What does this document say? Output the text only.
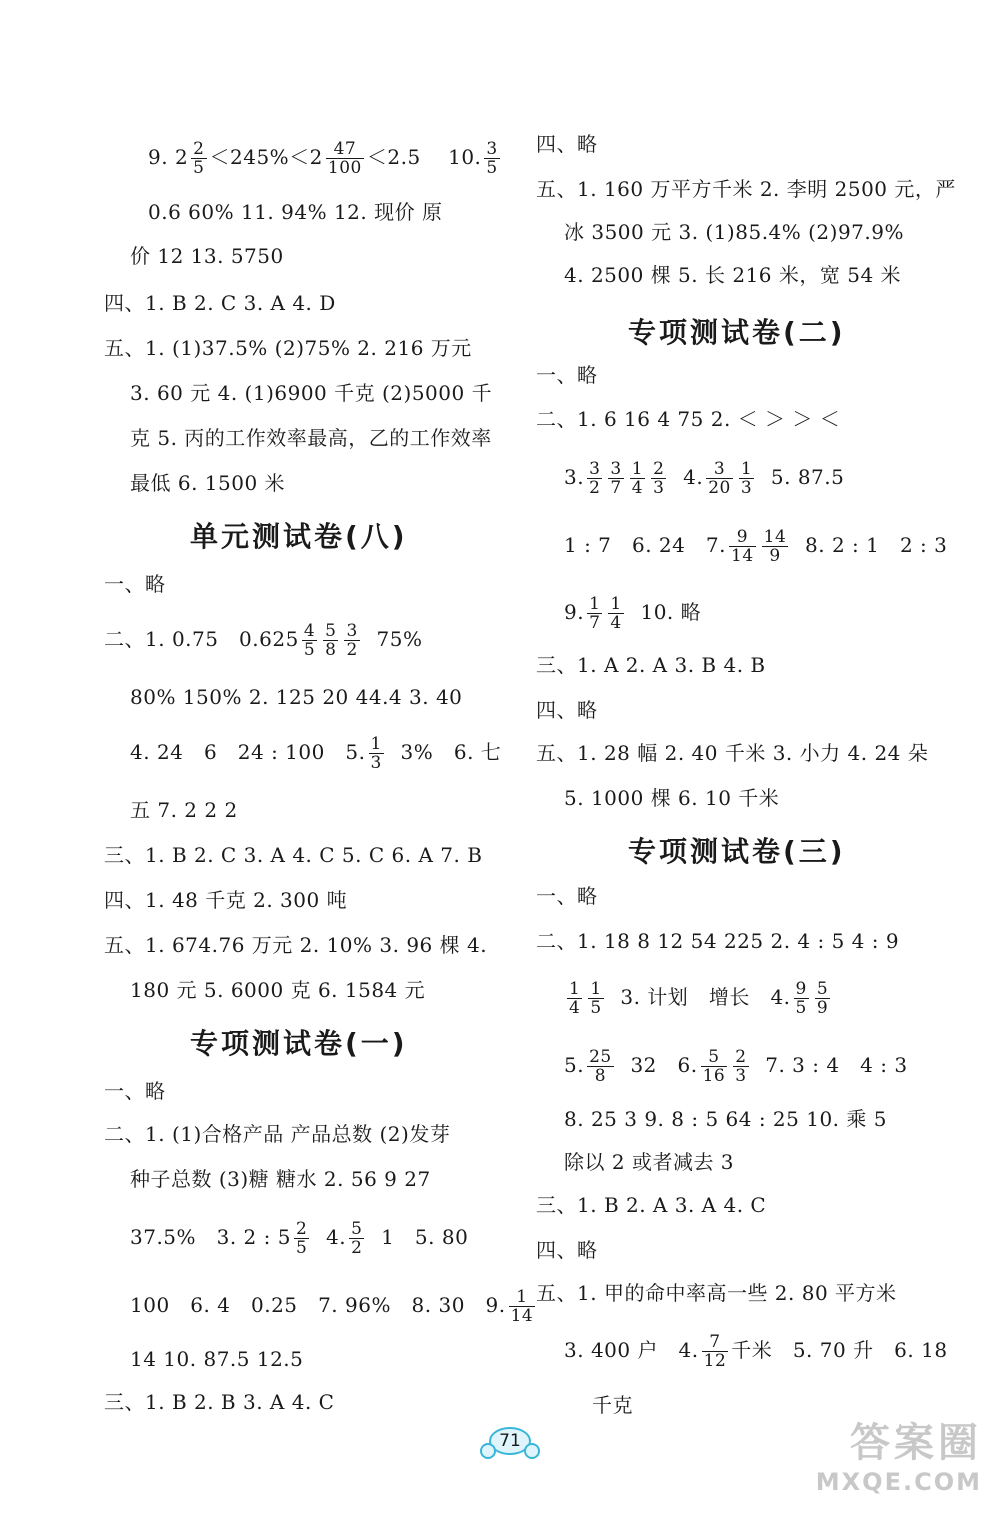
9. $2 \frac{2}{5} <245\%<2 \frac{47}{100} <2.5$    10. $\frac{3}{5}$
0.6 60% 11. 94% 12. 现价 原
价 12 13. 5750
四、1. B 2. C 3. A 4. D
五、1. (1)37.5% (2)75% 2. 216 万元
3. 60 元 4. (1)6900 千克 (2)5000 千
克 5. 丙的工作效率最高，乙的工作效率
最低 6. 1500 米
单元测试卷(八)
一、略
二、1. 0.75   $0.625 \frac{4}{5} \frac{5}{8} \frac{3}{2} 75\%$
80% 150% 2. 125 20 44.4 3. 40
4. 24   6   24 : 100   5. $\frac{1}{3} 3\%$   6. 七
五 7. 2 2 2
三、1. B 2. C 3. A 4. C 5. C 6. A 7. B
四、1. 48 千克 2. 300 吨
五、1. 674.76 万元 2. 10% 3. 96 棵 4.
180 元 5. 6000 克 6. 1584 元
专项测试卷(一)
一、略
二、1. (1)合格产品 产品总数 (2)发芽
种子总数 (3)糖 糖水 2. 56 9 27
37.5%   3. 2 : $5 \frac{2}{5} 4$. $\frac{5}{2} 1$   5. 80
100   6. 4   0.25   7. 96%   8. 30   9. $\frac{1}{14}$
14 10. 87.5 12.5
三、1. B 2. B 3. A 4. C
四、略
五、1. 160 万平方千米 2. 李明 2500 元，严
冰 3500 元 3. (1)85.4% (2)97.9%
4. 2500 棵 5. 长 216 米，宽 54 米
专项测试卷(二)
一、略
二、1. 6 16 4 75 2. ＜ ＞ ＞ ＜
3. $\frac{3}{2} \frac{3}{7} \frac{1}{4} \frac{2}{3} 4$. $\frac{3}{20} \frac{1}{3} 5$. 87.5
1 : 7   6. 24   7. $\frac{9}{14} \frac{14}{9} 8$. 2 : 1   2 : 3
9. $\frac{1}{7} \frac{1}{4} 10$. 略
三、1. A 2. A 3. B 4. B
四、略
五、1. 28 幅 2. 40 千米 3. 小力 4. 24 朵
5. 1000 棵 6. 10 千米
专项测试卷(三)
一、略
二、1. 18 8 12 54 225 2. 4 : 5 4 : 9
$\frac{1}{4} \frac{1}{5} 3$. 计划   增长   4. $\frac{9}{5} \frac{5}{9}$
5. $\frac{25}{8} 32$   6. $\frac{5}{16} \frac{2}{3} 7$. 3 : 4   4 : 3
8. 25 3 9. 8 : 5 64 : 25 10. 乘 5
除以 2 或者减去 3
三、1. B 2. A 3. A 4. C
四、略
五、1. 甲的命中率高一些 2. 80 平方米
3. 400 户   4. $\frac{7}{12}$ 千米   5. 70 升   6. 18
千克
71	答案圈
MXQE.COM
